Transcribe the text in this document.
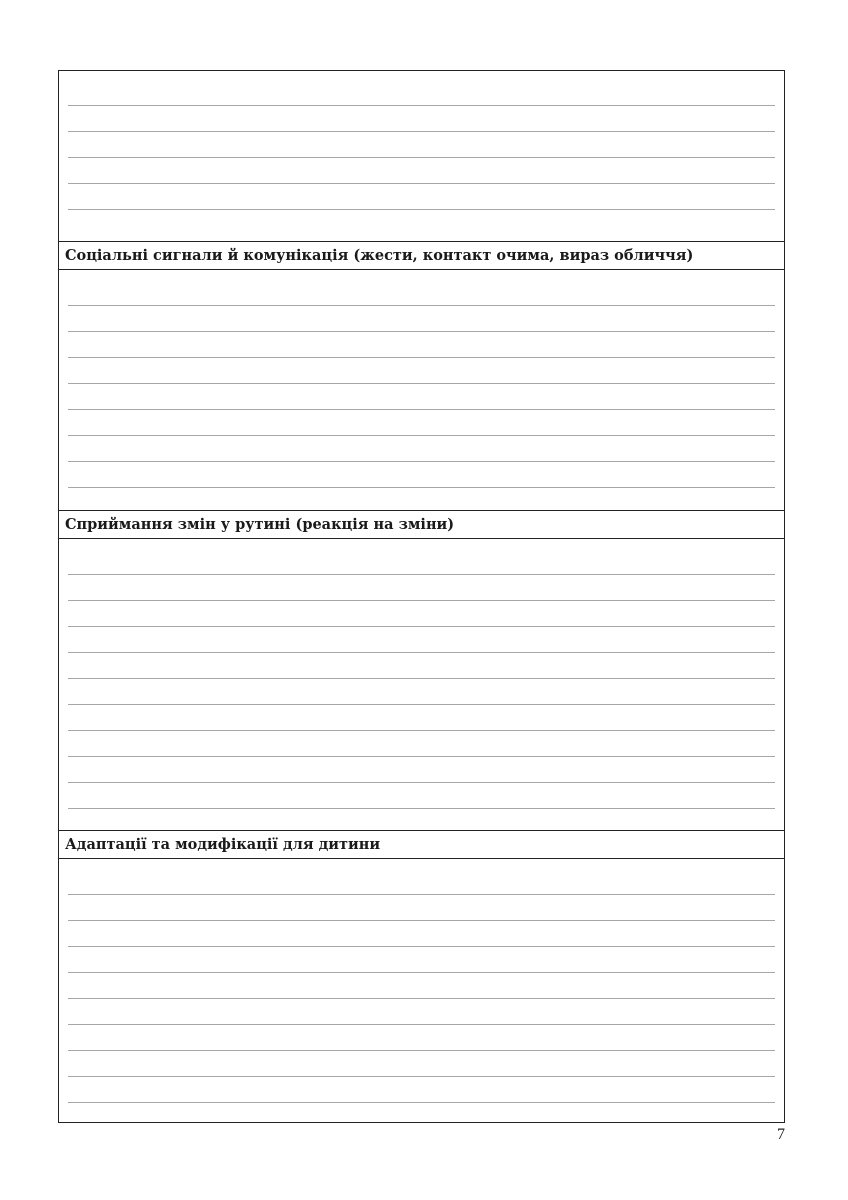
Соціальні сигнали й комунікація (жести, контакт очима, вираз обличчя)
Сприймання змін у рутині (реакція на зміни)
Адаптації та модифікації для дитини
7
